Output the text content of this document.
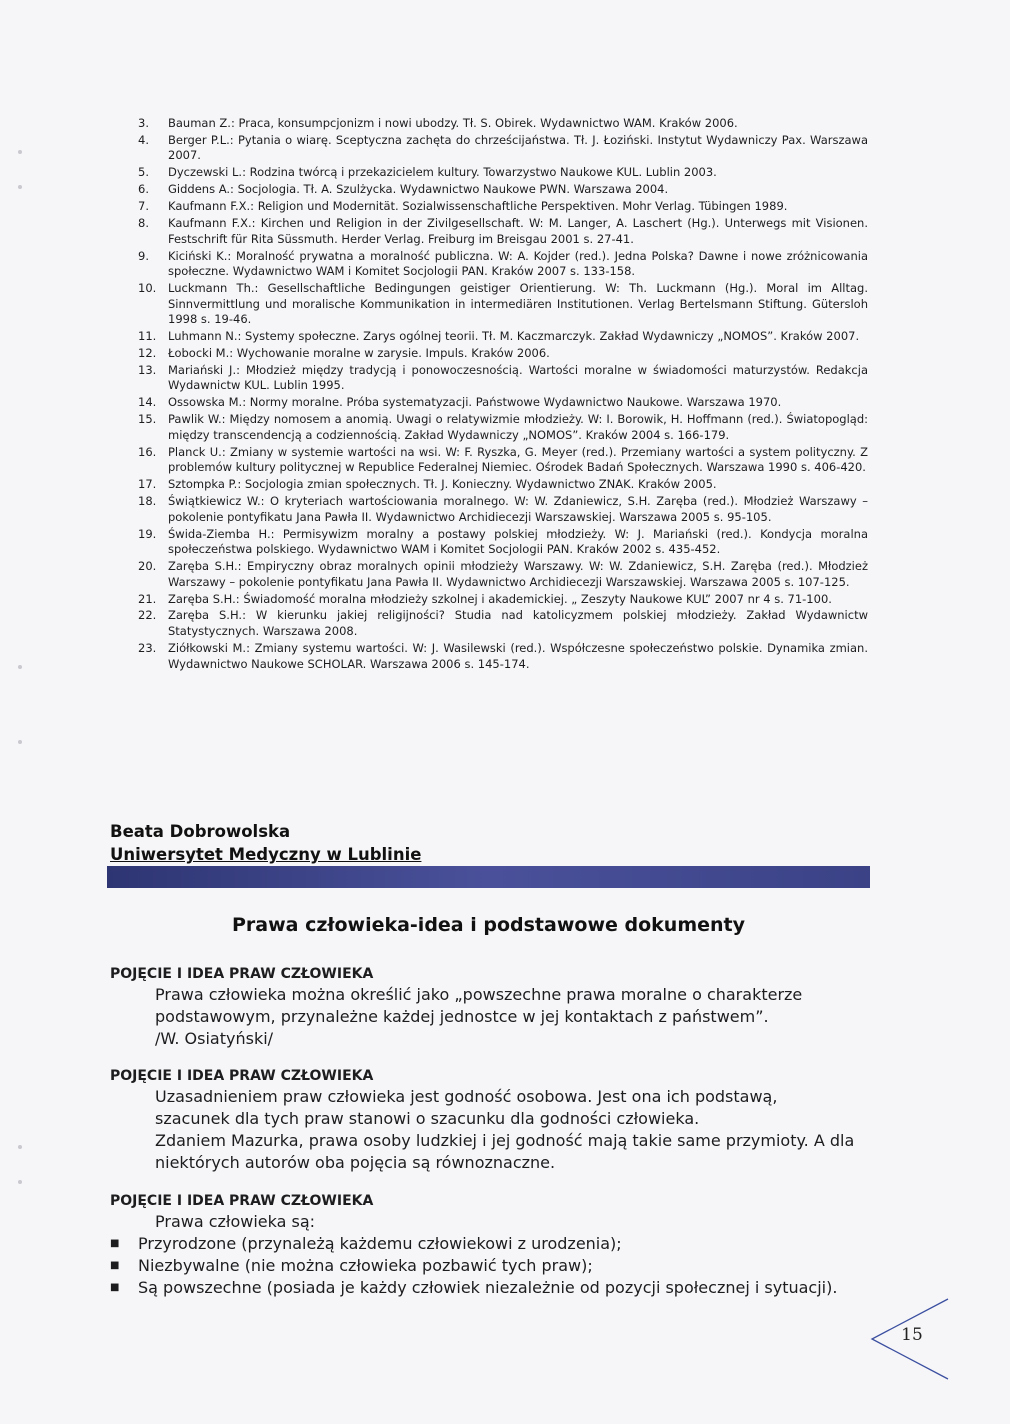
3.	Bauman Z.: Praca, konsumpcjonizm i nowi ubodzy. Tł. S. Obirek. Wydawnictwo WAM. Kraków 2006.
4.	Berger P.L.: Pytania o wiarę. Sceptyczna zachęta do chrześcijaństwa. Tł. J. Łoziński. Instytut Wydawniczy Pax. Warszawa 2007.
5.	Dyczewski L.: Rodzina twórcą i przekazicielem kultury. Towarzystwo Naukowe KUL. Lublin 2003.
6.	Giddens A.: Socjologia. Tł. A. Szulżycka. Wydawnictwo Naukowe PWN. Warszawa 2004.
7.	Kaufmann F.X.: Religion und Modernität. Sozialwissenschaftliche Perspektiven. Mohr Verlag. Tübingen 1989.
8.	Kaufmann F.X.: Kirchen und Religion in der Zivilgesellschaft. W: M. Langer, A. Laschert (Hg.). Unterwegs mit Visionen. Festschrift für Rita Süssmuth. Herder Verlag. Freiburg im Breisgau 2001 s. 27-41.
9.	Kiciński K.: Moralność prywatna a moralność publiczna. W: A. Kojder (red.). Jedna Polska? Dawne i nowe zróżnicowania społeczne. Wydawnictwo WAM i Komitet Socjologii PAN. Kraków 2007 s. 133-158.
10.	Luckmann Th.: Gesellschaftliche Bedingungen geistiger Orientierung. W: Th. Luckmann (Hg.). Moral im Alltag. Sinnvermittlung und moralische Kommunikation in intermediären Institutionen. Verlag Bertelsmann Stiftung. Gütersloh 1998 s. 19-46.
11.	Luhmann N.: Systemy społeczne. Zarys ogólnej teorii. Tł. M. Kaczmarczyk. Zakład Wydawniczy „NOMOS”. Kraków 2007.
12.	Łobocki M.: Wychowanie moralne w zarysie. Impuls. Kraków 2006.
13.	Mariański J.: Młodzież między tradycją i ponowoczesnością. Wartości moralne w świadomości maturzystów. Redakcja Wydawnictw KUL. Lublin 1995.
14.	Ossowska M.: Normy moralne. Próba systematyzacji. Państwowe Wydawnictwo Naukowe. Warszawa 1970.
15.	Pawlik W.: Między nomosem a anomią. Uwagi o relatywizmie młodzieży. W: I. Borowik, H. Hoffmann (red.). Światopogląd: między transcendencją a codziennością. Zakład Wydawniczy „NOMOS”. Kraków 2004 s. 166-179.
16.	Planck U.: Zmiany w systemie wartości na wsi. W: F. Ryszka, G. Meyer (red.). Przemiany wartości a system polityczny. Z problemów kultury politycznej w Republice Federalnej Niemiec. Ośrodek Badań Społecznych. Warszawa 1990 s. 406-420.
17.	Sztompka P.: Socjologia zmian społecznych. Tł. J. Konieczny. Wydawnictwo ZNAK. Kraków 2005.
18.	Świątkiewicz W.: O kryteriach wartościowania moralnego. W: W. Zdaniewicz, S.H. Zaręba (red.). Młodzież Warszawy – pokolenie pontyfikatu Jana Pawła II. Wydawnictwo Archidiecezji Warszawskiej. Warszawa 2005 s. 95-105.
19.	Świda-Ziemba H.: Permisywizm moralny a postawy polskiej młodzieży. W: J. Mariański (red.). Kondycja moralna społeczeństwa polskiego. Wydawnictwo WAM i Komitet Socjologii PAN. Kraków 2002 s. 435-452.
20.	Zaręba S.H.: Empiryczny obraz moralnych opinii młodzieży Warszawy. W: W. Zdaniewicz, S.H. Zaręba (red.). Młodzież Warszawy – pokolenie pontyfikatu Jana Pawła II. Wydawnictwo Archidiecezji Warszawskiej. Warszawa 2005 s. 107-125.
21.	Zaręba S.H.: Świadomość moralna młodzieży szkolnej i akademickiej. „ Zeszyty Naukowe KUL” 2007 nr 4 s. 71-100.
22.	Zaręba S.H.: W kierunku jakiej religijności? Studia nad katolicyzmem polskiej młodzieży. Zakład Wydawnictw Statystycznych. Warszawa 2008.
23.	Ziółkowski M.: Zmiany systemu wartości. W: J. Wasilewski (red.). Współczesne społeczeństwo polskie. Dynamika zmian. Wydawnictwo Naukowe SCHOLAR. Warszawa 2006 s. 145-174.
Beata Dobrowolska
Uniwersytet Medyczny w Lublinie
Prawa człowieka-idea i podstawowe dokumenty
POJĘCIE I IDEA PRAW CZŁOWIEKA

Prawa człowieka można określić jako „powszechne prawa moralne o charakterze

podstawowym, przynależne każdej jednostce w jej kontaktach z państwem”.

/W. Osiatyński/

POJĘCIE I IDEA PRAW CZŁOWIEKA

Uzasadnieniem praw człowieka jest godność osobowa. Jest ona ich podstawą,

szacunek dla tych praw stanowi o szacunku dla godności człowieka.

Zdaniem Mazurka, prawa osoby ludzkiej i jej godność mają takie same przymioty. A dla

niektórych autorów oba pojęcia są równoznaczne.

POJĘCIE I IDEA PRAW CZŁOWIEKA

Prawa człowieka są:

■	Przyrodzone (przynależą każdemu człowiekowi z urodzenia);
■	Niezbywalne (nie można człowieka pozbawić tych praw);
■	Są powszechne (posiada je każdy człowiek niezależnie od pozycji społecznej i sytuacji).
15
